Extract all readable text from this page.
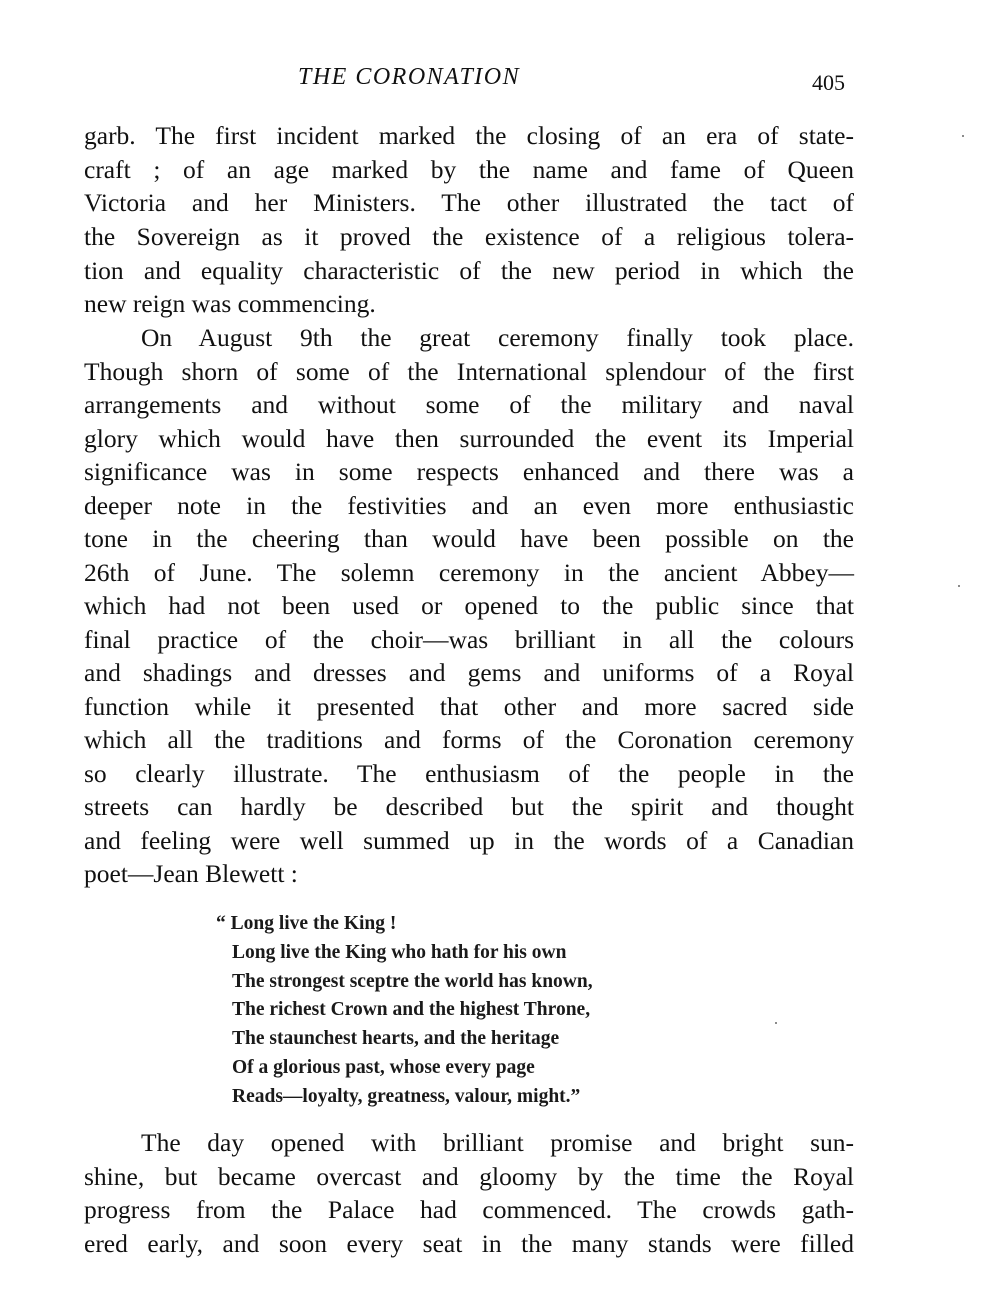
THE CORONATION	405
garb. The first incident marked the closing of an era of state-
craft ; of an age marked by the name and fame of Queen
Victoria and her Ministers. The other illustrated the tact of
the Sovereign as it proved the existence of a religious tolera-
tion and equality characteristic of the new period in which the
new reign was commencing.
On August 9th the great ceremony finally took place.
Though shorn of some of the International splendour of the first
arrangements and without some of the military and naval
glory which would have then surrounded the event its Imperial
significance was in some respects enhanced and there was a
deeper note in the festivities and an even more enthusiastic
tone in the cheering than would have been possible on the
26th of June. The solemn ceremony in the ancient Abbey—
which had not been used or opened to the public since that
final practice of the choir—was brilliant in all the colours
and shadings and dresses and gems and uniforms of a Royal
function while it presented that other and more sacred side
which all the traditions and forms of the Coronation ceremony
so clearly illustrate. The enthusiasm of the people in the
streets can hardly be described but the spirit and thought
and feeling were well summed up in the words of a Canadian
poet—Jean Blewett :
“ Long live the King !
Long live the King who hath for his own
The strongest sceptre the world has known,
The richest Crown and the highest Throne,
The staunchest hearts, and the heritage
Of a glorious past, whose every page
Reads—loyalty, greatness, valour, might.”
The day opened with brilliant promise and bright sun-
shine, but became overcast and gloomy by the time the Royal
progress from the Palace had commenced. The crowds gath-
ered early, and soon every seat in the many stands were filled
